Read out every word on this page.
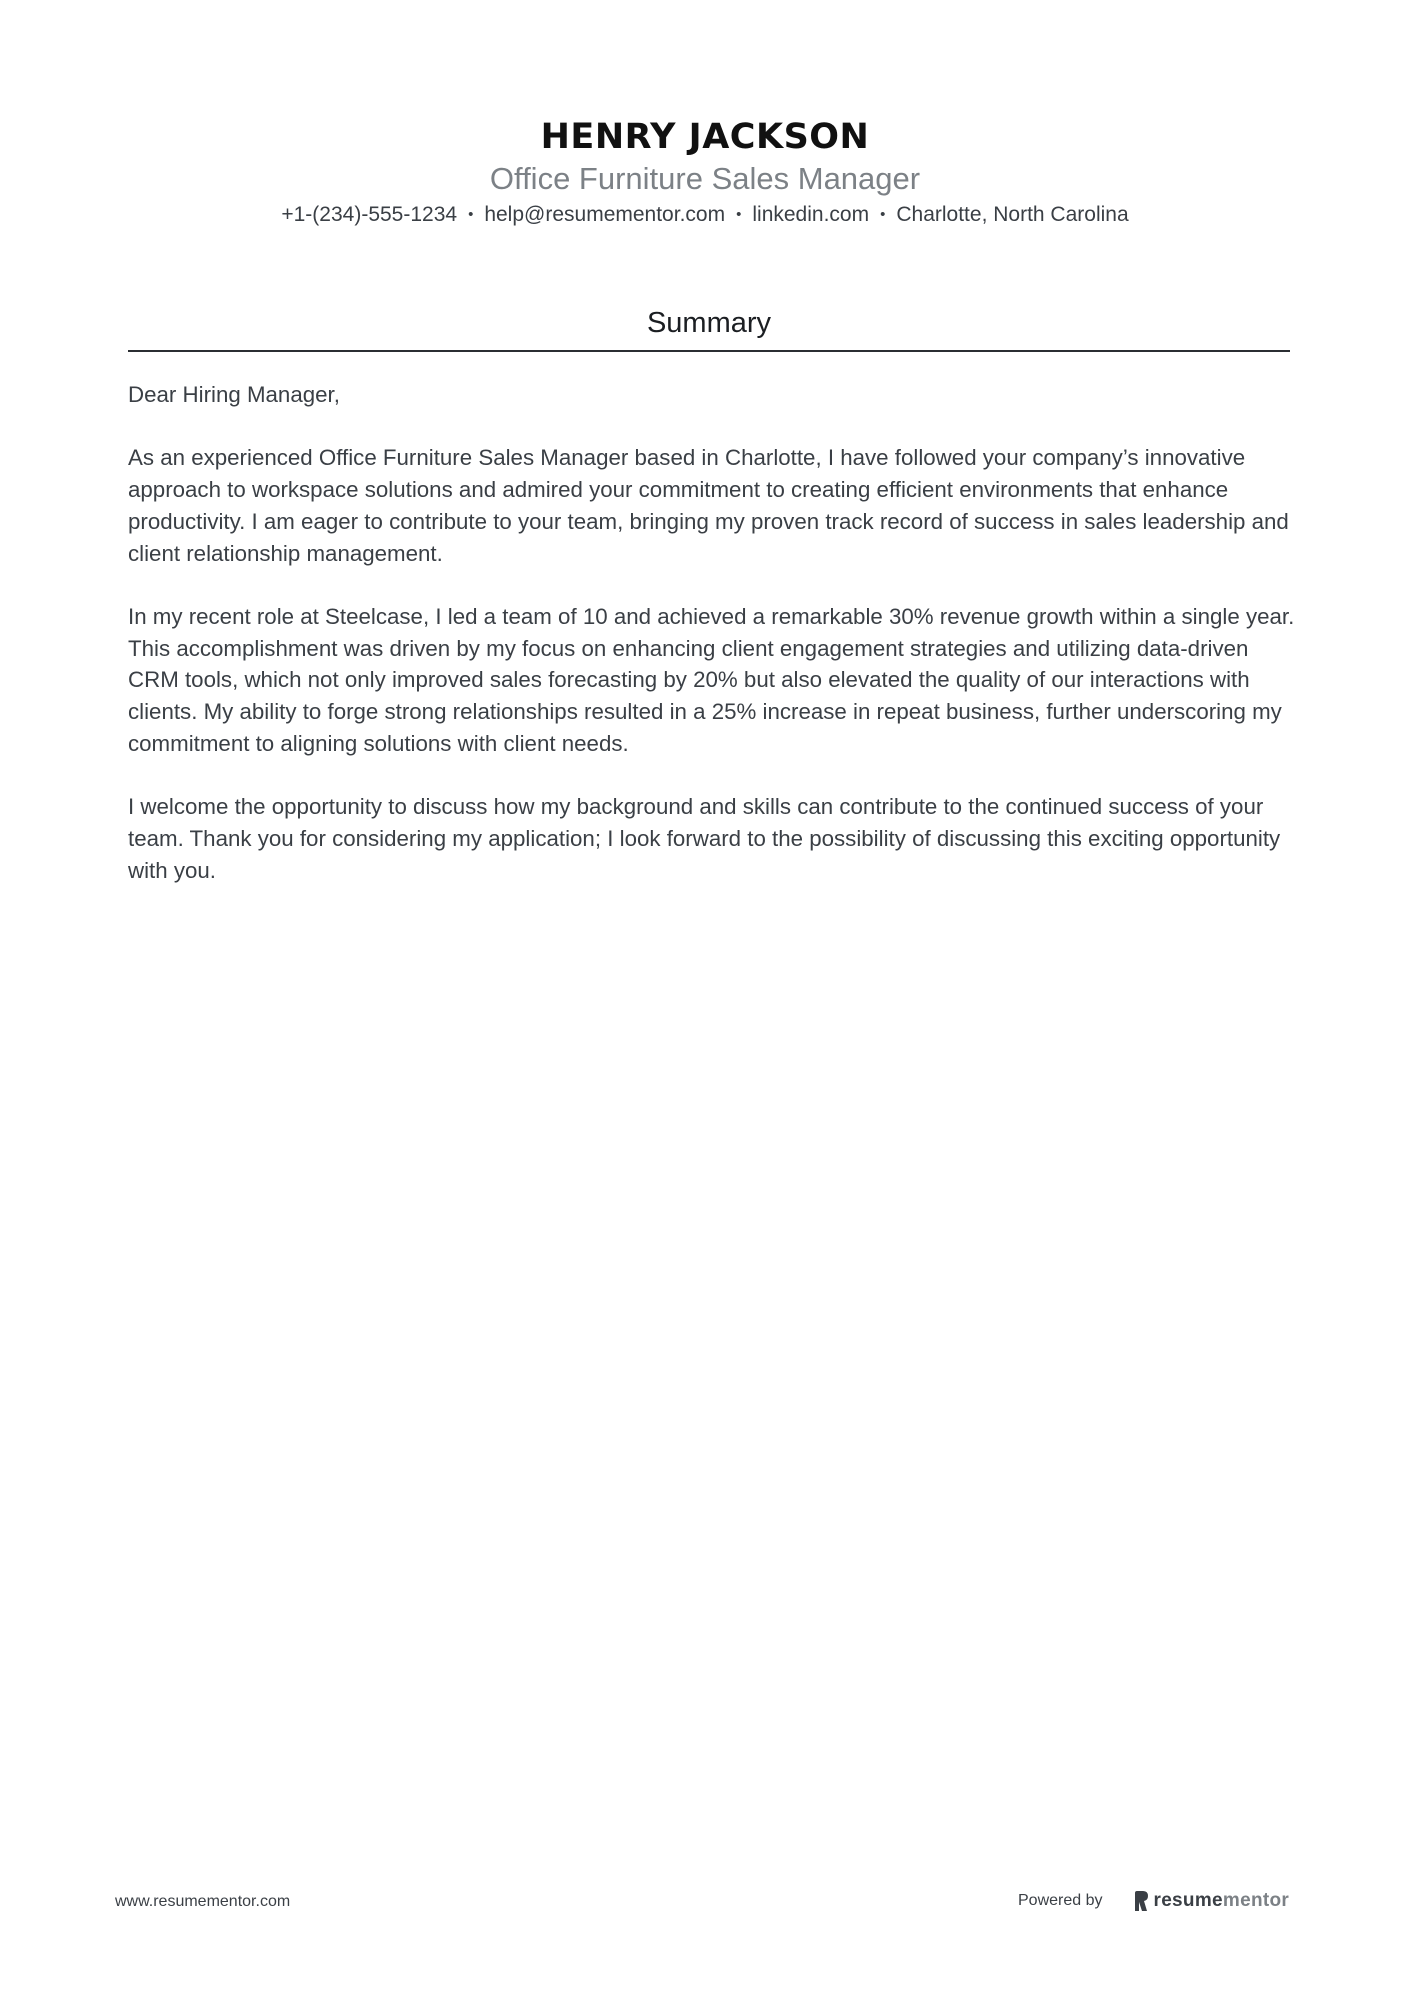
HENRY JACKSON
Office Furniture Sales Manager
+1-(234)-555-1234 • help@resumementor.com • linkedin.com • Charlotte, North Carolina
Summary

Dear Hiring Manager,

As an experienced Office Furniture Sales Manager based in Charlotte, I have followed your company’s innovative approach to workspace solutions and admired your commitment to creating efficient environments that enhance productivity. I am eager to contribute to your team, bringing my proven track record of success in sales leadership and client relationship management.

In my recent role at Steelcase, I led a team of 10 and achieved a remarkable 30% revenue growth within a single year. This accomplishment was driven by my focus on enhancing client engagement strategies and utilizing data-driven CRM tools, which not only improved sales forecasting by 20% but also elevated the quality of our interactions with clients. My ability to forge strong relationships resulted in a 25% increase in repeat business, further underscoring my commitment to aligning solutions with client needs.

I welcome the opportunity to discuss how my background and skills can contribute to the continued success of your team. Thank you for considering my application; I look forward to the possibility of discussing this exciting opportunity with you.

www.resumementor.com	Powered by	resumementor
